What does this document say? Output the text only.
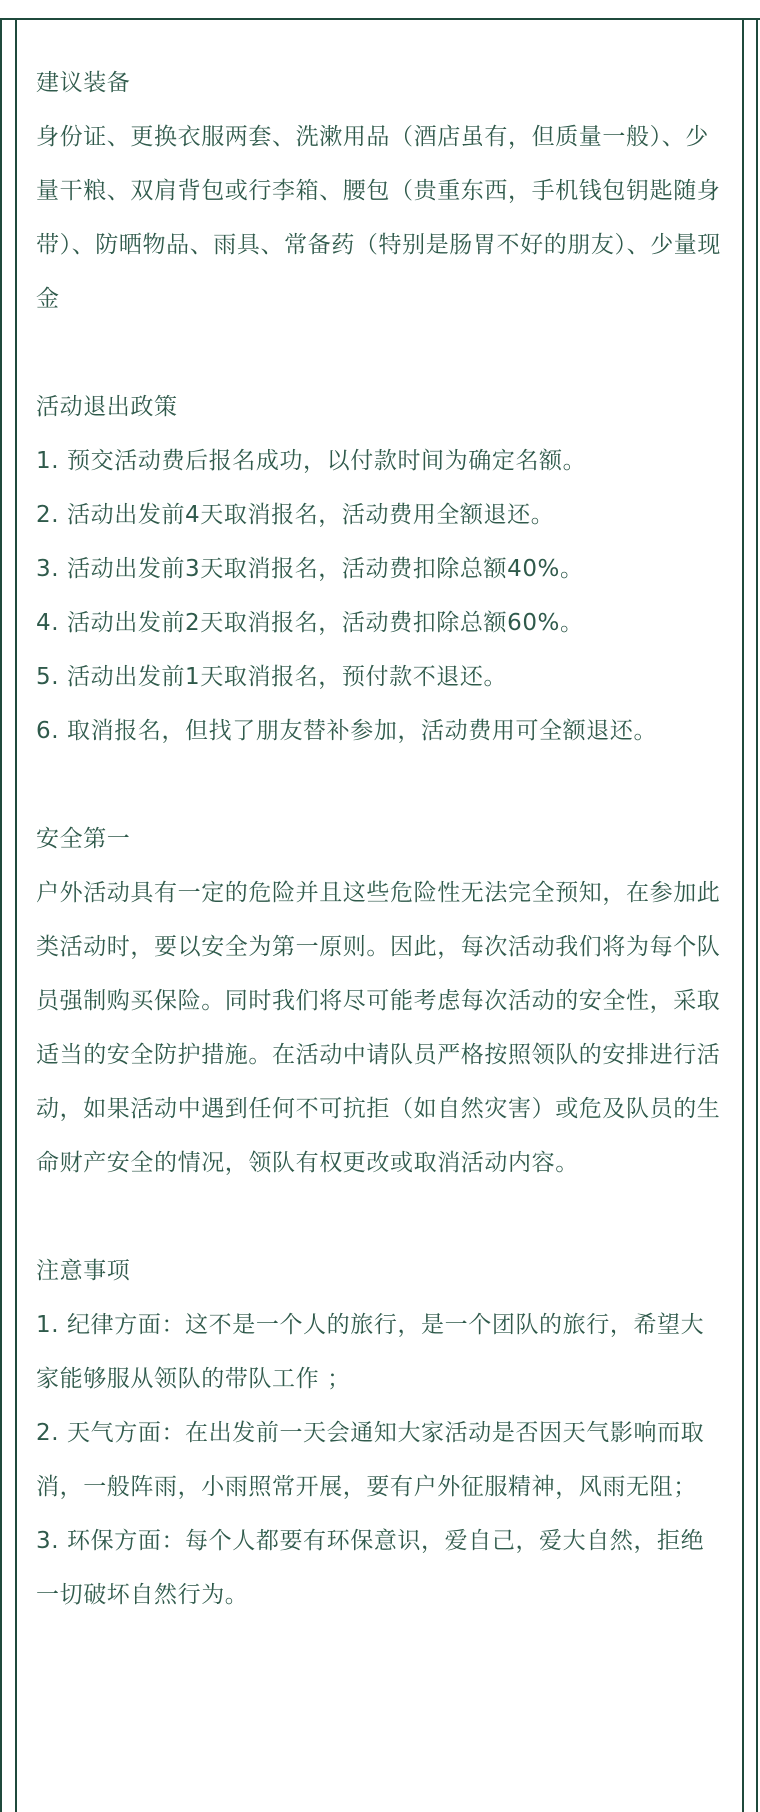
建议装备

身份证、更换衣服两套、洗漱用品（酒店虽有，但质量一般）、少量干粮、双肩背包或行李箱、腰包（贵重东西，手机钱包钥匙随身带）、防晒物品、雨具、常备药（特别是肠胃不好的朋友）、少量现金

活动退出政策
1. 预交活动费后报名成功，以付款时间为确定名额。
2. 活动出发前4天取消报名，活动费用全额退还。
3. 活动出发前3天取消报名，活动费扣除总额40%。
4. 活动出发前2天取消报名，活动费扣除总额60%。
5. 活动出发前1天取消报名，预付款不退还。
6. 取消报名，但找了朋友替补参加，活动费用可全额退还。
安全第一

户外活动具有一定的危险并且这些危险性无法完全预知，在参加此类活动时，要以安全为第一原则。因此，每次活动我们将为每个队员强制购买保险。同时我们将尽可能考虑每次活动的安全性，采取适当的安全防护措施。在活动中请队员严格按照领队的安排进行活动，如果活动中遇到任何不可抗拒（如自然灾害）或危及队员的生命财产安全的情况，领队有权更改或取消活动内容。

注意事项
1. 纪律方面：这不是一个人的旅行，是一个团队的旅行，希望大家能够服从领队的带队工作 ；
2. 天气方面：在出发前一天会通知大家活动是否因天气影响而取消，一般阵雨，小雨照常开展，要有户外征服精神，风雨无阻；
3. 环保方面：每个人都要有环保意识，爱自己，爱大自然，拒绝一切破坏自然行为。
